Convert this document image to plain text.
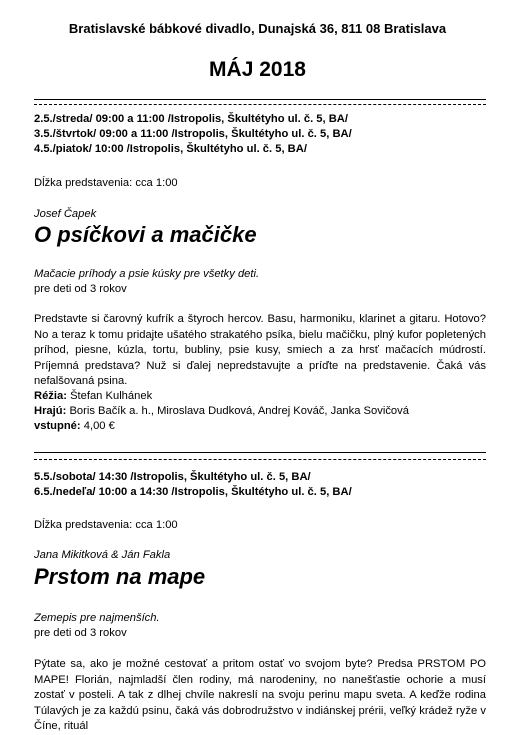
Bratislavské bábkové divadlo, Dunajská 36, 811 08 Bratislava
MÁJ 2018
2.5./streda/ 09:00 a 11:00 /Istropolis, Škultétyho ul. č. 5, BA/
3.5./štvrtok/ 09:00 a 11:00 /Istropolis, Škultétyho ul. č. 5, BA/
4.5./piatok/ 10:00 /Istropolis, Škultétyho ul. č. 5, BA/
Dĺžka predstavenia: cca 1:00
Josef Čapek
O psíčkovi a mačičke
Mačacie príhody a psie kúsky pre všetky deti.
pre deti od 3 rokov
Predstavte si čarovný kufrík a štyroch hercov. Basu, harmoniku, klarinet a gitaru. Hotovo? No a teraz k tomu pridajte ušatého strakatého psíka, bielu mačičku, plný kufor popletených príhod, piesne, kúzla, tortu, bubliny, psie kusy, smiech a za hrsť mačacích múdrostí. Príjemná predstava? Nuž si ďalej nepredstavujte a príďte na predstavenie. Čaká vás nefalšovaná psina.
Réžia: Štefan Kulhánek
Hrajú: Boris Bačík a. h., Miroslava Dudková, Andrej Kováč, Janka Sovičová
vstupné: 4,00 €
5.5./sobota/ 14:30 /Istropolis, Škultétyho ul. č. 5, BA/
6.5./nedeľa/ 10:00 a 14:30 /Istropolis, Škultétyho ul. č. 5, BA/
Dĺžka predstavenia: cca 1:00
Jana Mikitková & Ján Fakla
Prstom na mape
Zemepis pre najmenších.
pre deti od 3 rokov
Pýtate sa, ako je možné cestovať a pritom ostať vo svojom byte? Predsa PRSTOM PO MAPE! Florián, najmladší člen rodiny, má narodeniny, no nanešťastie ochorie a musí zostať v posteli. A tak z dlhej chvíle nakreslí na svoju perinu mapu sveta. A keďže rodina Túlavých je za každú psinu, čaká vás dobrodružstvo v indiánskej prérii, veľký krádež ryže v Číne, rituál
